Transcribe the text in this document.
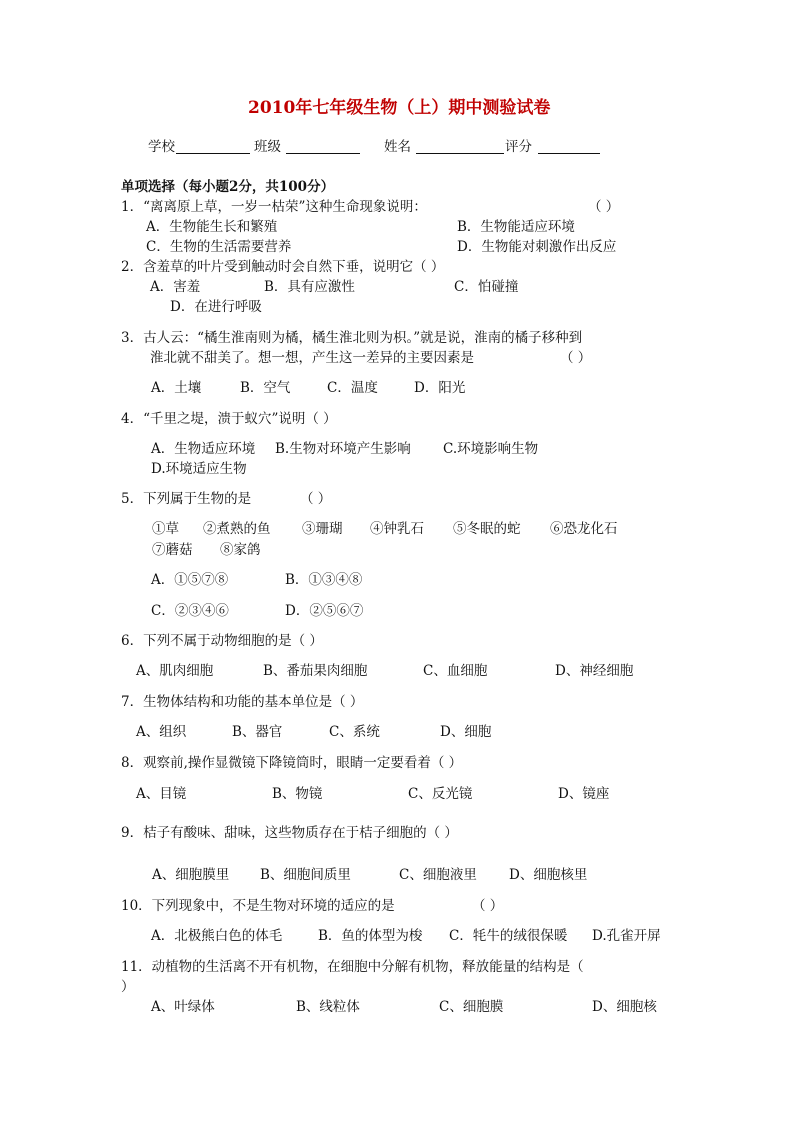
2010年七年级生物（上）期中测验试卷
学校	班级	姓名	评分
单项选择（每小题2分，共100分）
1．“离离原上草，一岁一枯荣”这种生命现象说明：	（ ）
A．生物能生长和繁殖	B．生物能适应环境
C．生物的生活需要营养	D．生物能对刺激作出反应
2．含羞草的叶片受到触动时会自然下垂，说明它（ ）
A．害羞	B．具有应激性	C．怕碰撞
D．在进行呼吸
3．古人云：“橘生淮南则为橘，橘生淮北则为枳。”就是说，淮南的橘子移种到
淮北就不甜美了。想一想，产生这一差异的主要因素是	（ ）
A．土壤	B．空气	C．温度	D．阳光
4．“千里之堤，溃于蚁穴”说明（ ）
A．生物适应环境 B.生物对环境产生影响 C.环境影响生物
D.环境适应生物
5．下列属于生物的是	（ ）
①草 ②煮熟的鱼 ③珊瑚 ④钟乳石 ⑤冬眠的蛇 ⑥恐龙化石
⑦蘑菇 ⑧家鸽
A．①⑤⑦⑧	B．①③④⑧
C．②③④⑥	D．②⑤⑥⑦
6．下列不属于动物细胞的是（ ）
A、肌肉细胞	B、番茄果肉细胞	C、血细胞	D、神经细胞
7．生物体结构和功能的基本单位是（ ）
A、组织	B、器官	C、系统	D、细胞
8．观察前,操作显微镜下降镜筒时，眼睛一定要看着（ ）
A、目镜	B、物镜	C、反光镜	D、镜座
9．桔子有酸味、甜味，这些物质存在于桔子细胞的（ ）
A、细胞膜里 B、细胞间质里	C、细胞液里 D、细胞核里
10．下列现象中，不是生物对环境的适应的是	（ ）
A．北极熊白色的体毛	B．鱼的体型为梭 C．牦牛的绒很保暖 D.孔雀开屏
11．动植物的生活离不开有机物，在细胞中分解有机物，释放能量的结构是（
）
A、叶绿体	B、线粒体	C、细胞膜	D、细胞核
